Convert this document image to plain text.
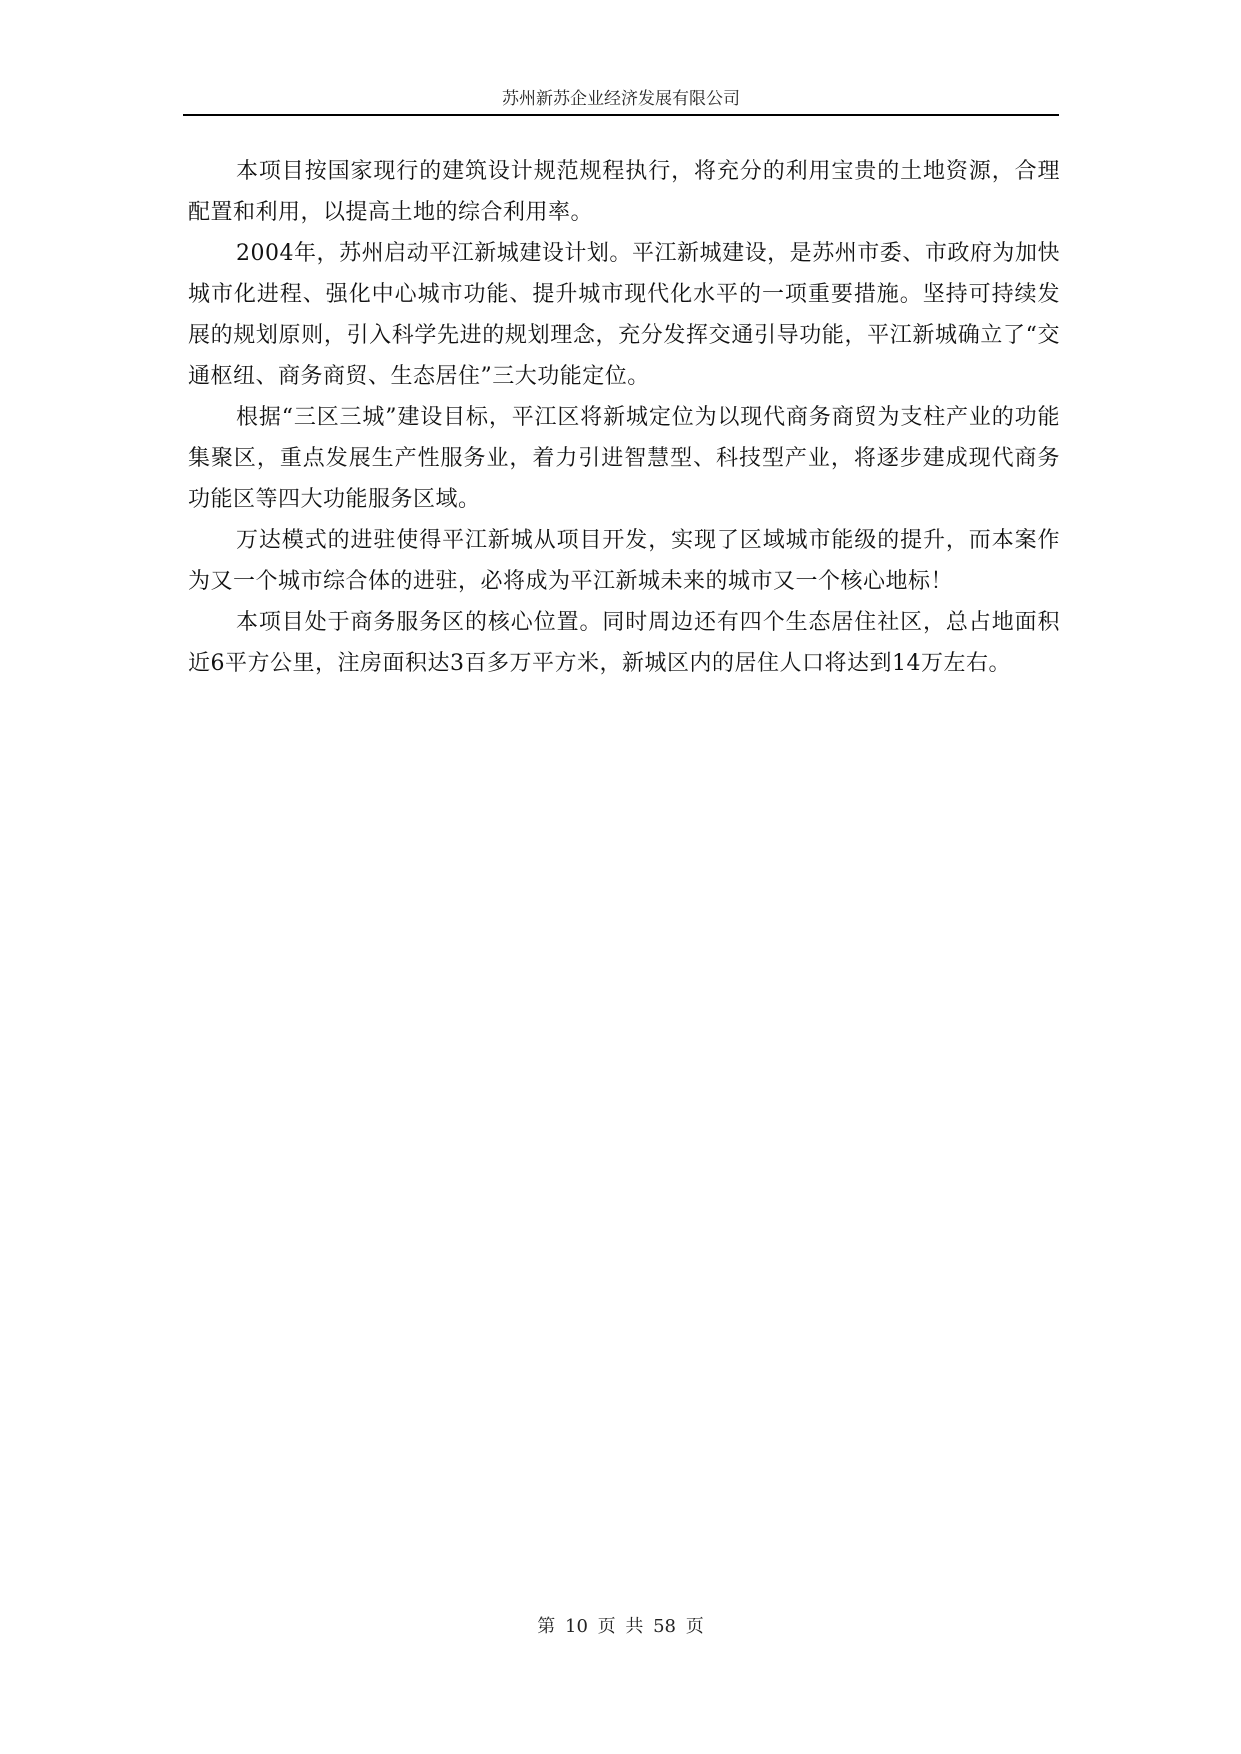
苏州新苏企业经济发展有限公司

本项目按国家现行的建筑设计规范规程执行，将充分的利用宝贵的土地资源，合理配置和利用，以提高土地的综合利用率。

2004年，苏州启动平江新城建设计划。平江新城建设，是苏州市委、市政府为加快城市化进程、强化中心城市功能、提升城市现代化水平的一项重要措施。坚持可持续发展的规划原则，引入科学先进的规划理念，充分发挥交通引导功能，平江新城确立了“交通枢纽、商务商贸、生态居住”三大功能定位。

根据“三区三城”建设目标，平江区将新城定位为以现代商务商贸为支柱产业的功能集聚区，重点发展生产性服务业，着力引进智慧型、科技型产业，将逐步建成现代商务功能区等四大功能服务区域。

万达模式的进驻使得平江新城从项目开发，实现了区域城市能级的提升，而本案作为又一个城市综合体的进驻，必将成为平江新城未来的城市又一个核心地标！

本项目处于商务服务区的核心位置。同时周边还有四个生态居住社区，总占地面积近6平方公里，注房面积达3百多万平方米，新城区内的居住人口将达到14万左右。

第 10 页 共 58 页
